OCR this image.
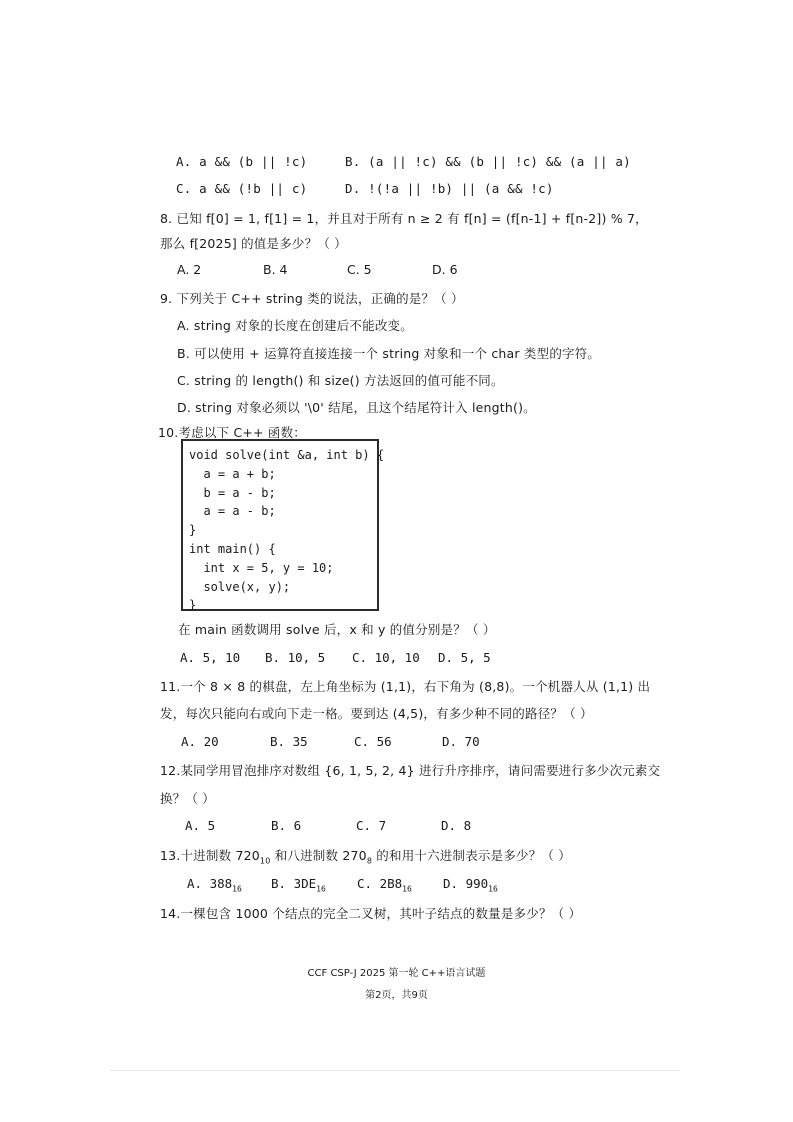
A. a && (b || !c)	B. (a || !c) && (b || !c) && (a || a)
C. a && (!b || c)	D. !(!a || !b) || (a && !c)
8. 已知 f[0] = 1, f[1] = 1，并且对于所有 n ≥ 2 有 f[n] = (f[n-1] + f[n-2]) % 7，
那么 f[2025] 的值是多少？（ ）
A. 2	B. 4	C. 5	D. 6
9. 下列关于 C++ string 类的说法，正确的是？（ ）
A. string 对象的长度在创建后不能改变。
B. 可以使用 + 运算符直接连接一个 string 对象和一个 char 类型的字符。
C. string 的 length() 和 size() 方法返回的值可能不同。
D. string 对象必须以 '\0' 结尾，且这个结尾符计入 length()。
10.考虑以下 C++ 函数：
void solve(int &a, int b) {
a = a + b;
b = a - b;
a = a - b;
}
int main() {
int x = 5, y = 10;
solve(x, y);
}
在 main 函数调用 solve 后，x 和 y 的值分别是？（ ）
A. 5, 10 B. 10, 5 C. 10, 10 D. 5, 5
11.一个 8 × 8 的棋盘，左上角坐标为 (1,1)，右下角为 (8,8)。一个机器人从 (1,1) 出
发，每次只能向右或向下走一格。要到达 (4,5)，有多少种不同的路径？（ ）
A. 20	B. 35	C. 56	D. 70
12.某同学用冒泡排序对数组 {6, 1, 5, 2, 4} 进行升序排序，请问需要进行多少次元素交
换？（ ）
A. 5	B. 6	C. 7	D. 8
13.十进制数 $720_{10}$ 和八进制数 $270_8$ 的和用十六进制表示是多少？（ ）
A. $388_{16}$ B. $3DE_{16}$ C. $2B8_{16}$ D. $990_{16}$
14.一棵包含 1000 个结点的完全二叉树，其叶子结点的数量是多少？（ ）
CCF CSP-J 2025 第一轮 C++语言试题
第2页，共9页
